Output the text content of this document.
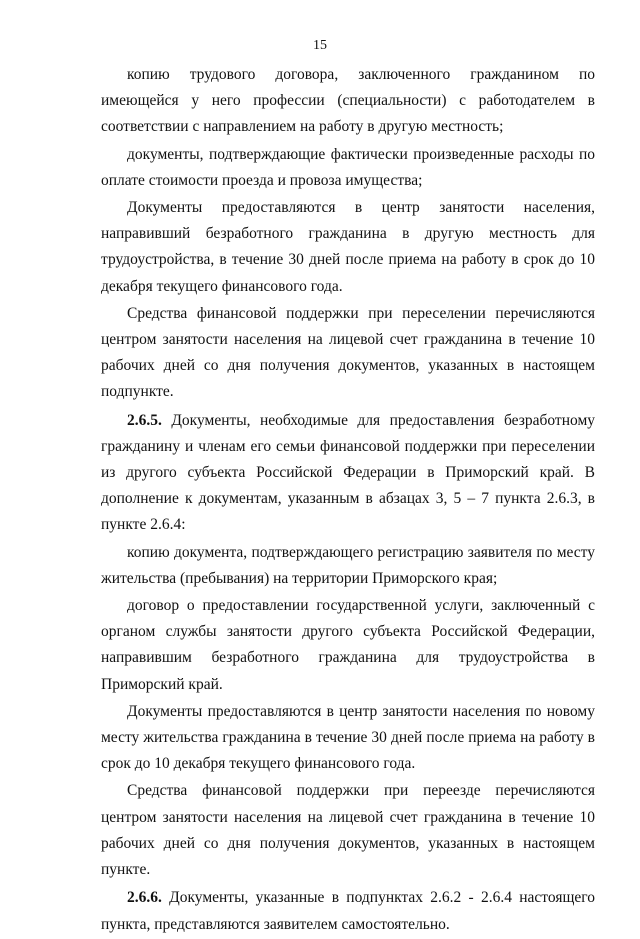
15

копию трудового договора, заключенного гражданином по имеющейся у него профессии (специальности) с работодателем в соответствии с направлением на работу в другую местность;

документы, подтверждающие фактически произведенные расходы по оплате стоимости проезда и провоза имущества;

Документы предоставляются в центр занятости населения, направивший безработного гражданина в другую местность для трудоустройства, в течение 30 дней после приема на работу в срок до 10 декабря текущего финансового года.

Средства финансовой поддержки при переселении перечисляются центром занятости населения на лицевой счет гражданина в течение 10 рабочих дней со дня получения документов, указанных в настоящем подпункте.

2.6.5. Документы, необходимые для предоставления безработному гражданину и членам его семьи финансовой поддержки при переселении из другого субъекта Российской Федерации в Приморский край. В дополнение к документам, указанным в абзацах 3, 5 – 7 пункта 2.6.3, в пункте 2.6.4:

копию документа, подтверждающего регистрацию заявителя по месту жительства (пребывания) на территории Приморского края;

договор о предоставлении государственной услуги, заключенный с органом службы занятости другого субъекта Российской Федерации, направившим безработного гражданина для трудоустройства в Приморский край.

Документы предоставляются в центр занятости населения по новому месту жительства гражданина в течение 30 дней после приема на работу в срок до 10 декабря текущего финансового года.

Средства финансовой поддержки при переезде перечисляются центром занятости населения на лицевой счет гражданина в течение 10 рабочих дней со дня получения документов, указанных в настоящем пункте.

2.6.6. Документы, указанные в подпунктах 2.6.2 - 2.6.4 настоящего пункта, представляются заявителем самостоятельно.
